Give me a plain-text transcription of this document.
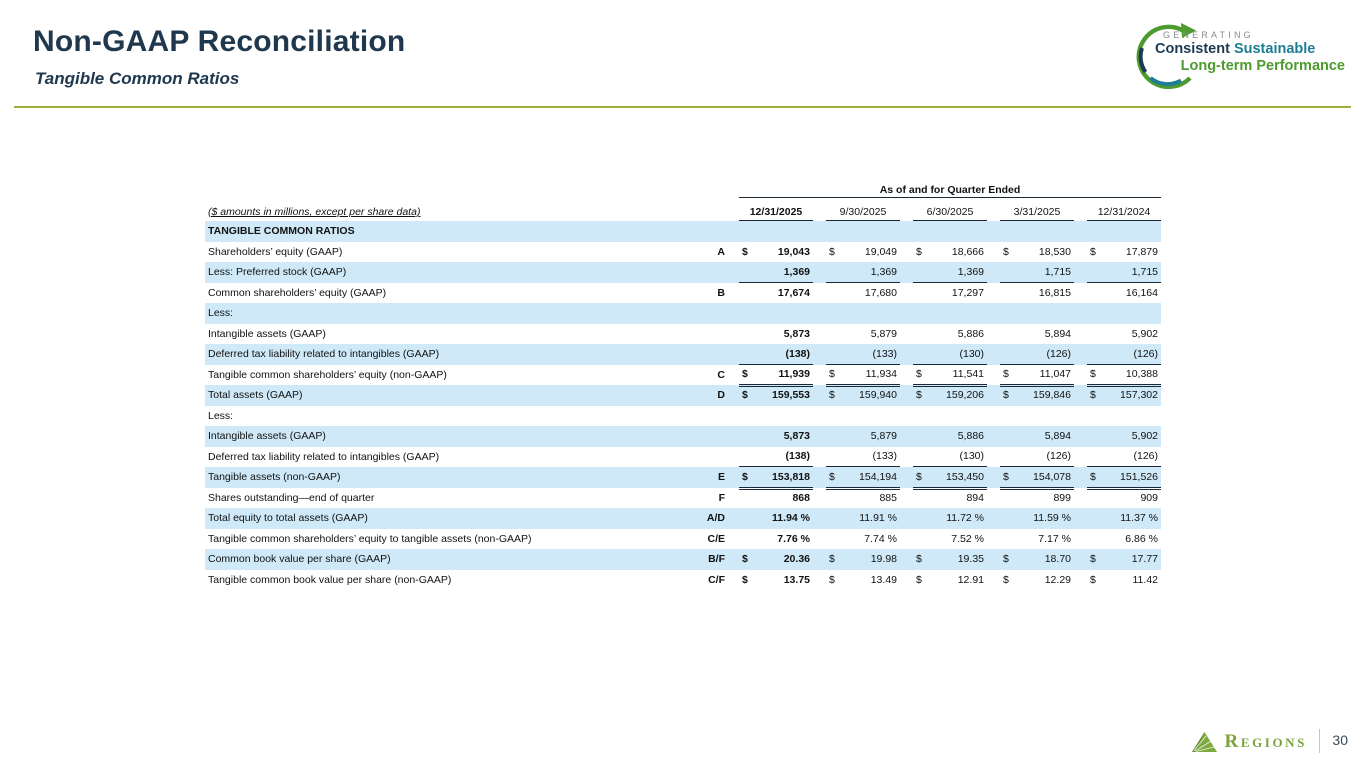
Non-GAAP Reconciliation
Tangible Common Ratios
GENERATING
Consistent Sustainable
Long-term Performance
As of and for Quarter Ended
($ amounts in millions, except per share data)	12/31/2025	9/30/2025	6/30/2025	3/31/2025	12/31/2024
TANGIBLE COMMON RATIOS
Shareholders’ equity (GAAP)	A $	19,043 $	19,049 $	18,666 $	18,530 $	17,879
Less: Preferred stock (GAAP)	1,369	1,369	1,369	1,715	1,715
Common shareholders’ equity (GAAP)	B	17,674	17,680	17,297	16,815	16,164
Less:
Intangible assets (GAAP)	5,873	5,879	5,886	5,894	5,902
Deferred tax liability related to intangibles (GAAP)	(138)	(133)	(130)	(126)	(126)
Tangible common shareholders’ equity (non-GAAP)	C $	11,939 $	11,934 $	11,541 $	11,047 $	10,388
Total assets (GAAP)	D $ 159,553 $ 159,940 $ 159,206 $ 159,846 $ 157,302
Less:
Intangible assets (GAAP)	5,873	5,879	5,886	5,894	5,902
Deferred tax liability related to intangibles (GAAP)	(138)	(133)	(130)	(126)	(126)
Tangible assets (non-GAAP)	E $ 153,818 $ 154,194 $ 153,450 $ 154,078 $ 151,526
Shares outstanding—end of quarter	F	868	885	894	899	909
Total equity to total assets (GAAP)	A/D	11.94 %	11.91 %	11.72 %	11.59 %	11.37 %
Tangible common shareholders’ equity to tangible assets (non-GAAP)	C/E	7.76 %	7.74 %	7.52 %	7.17 %	6.86 %
Common book value per share (GAAP)	B/F $	20.36 $	19.98 $	19.35 $	18.70 $	17.77
Tangible common book value per share (non-GAAP)	C/F $	13.75 $	13.49 $	12.91 $	12.29 $	11.42
Regions 30
